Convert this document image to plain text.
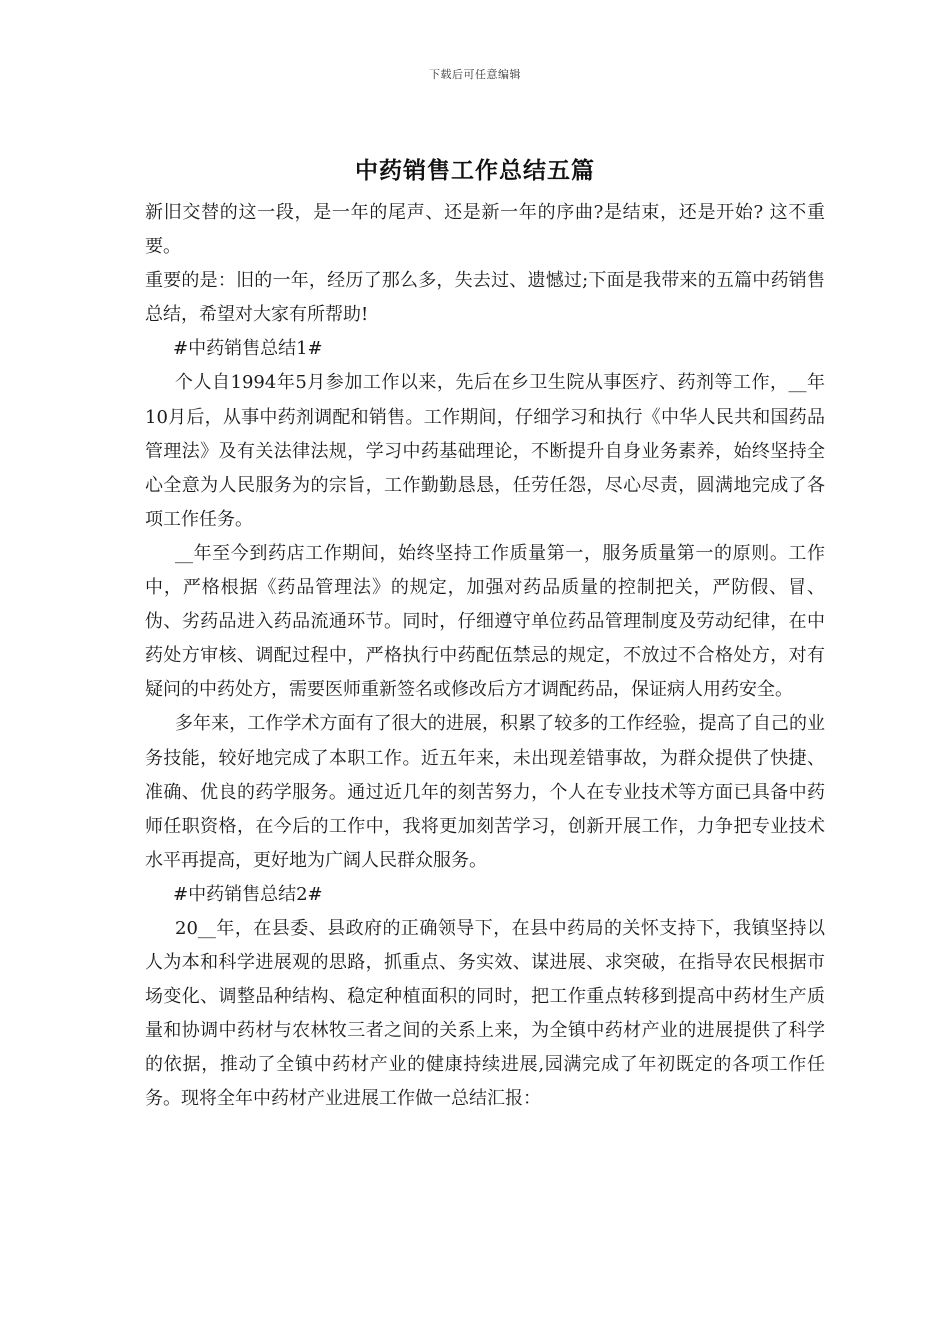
下载后可任意编辑
中药销售工作总结五篇

新旧交替的这一段，是一年的尾声、还是新一年的序曲?是结束，还是开始? 这不重要。

重要的是：旧的一年，经历了那么多，失去过、遗憾过;下面是我带来的五篇中药销售总结，希望对大家有所帮助!

#中药销售总结1#

个人自1994年5月参加工作以来，先后在乡卫生院从事医疗、药剂等工作，__年10月后，从事中药剂调配和销售。工作期间，仔细学习和执行《中华人民共和国药品管理法》及有关法律法规，学习中药基础理论，不断提升自身业务素养，始终坚持全心全意为人民服务为的宗旨，工作勤勤恳恳，任劳任怨，尽心尽责，圆满地完成了各项工作任务。

__年至今到药店工作期间，始终坚持工作质量第一，服务质量第一的原则。工作中，严格根据《药品管理法》的规定，加强对药品质量的控制把关，严防假、冒、伪、劣药品进入药品流通环节。同时，仔细遵守单位药品管理制度及劳动纪律，在中药处方审核、调配过程中，严格执行中药配伍禁忌的规定，不放过不合格处方，对有疑问的中药处方，需要医师重新签名或修改后方才调配药品，保证病人用药安全。

多年来，工作学术方面有了很大的进展，积累了较多的工作经验，提高了自己的业务技能，较好地完成了本职工作。近五年来，未出现差错事故，为群众提供了快捷、准确、优良的药学服务。通过近几年的刻苦努力，个人在专业技术等方面已具备中药师任职资格，在今后的工作中，我将更加刻苦学习，创新开展工作，力争把专业技术水平再提高，更好地为广阔人民群众服务。

#中药销售总结2#

20__年，在县委、县政府的正确领导下，在县中药局的关怀支持下，我镇坚持以人为本和科学进展观的思路，抓重点、务实效、谋进展、求突破，在指导农民根据市场变化、调整品种结构、稳定种植面积的同时，把工作重点转移到提高中药材生产质量和协调中药材与农林牧三者之间的关系上来，为全镇中药材产业的进展提供了科学的依据，推动了全镇中药材产业的健康持续进展,园满完成了年初既定的各项工作任务。现将全年中药材产业进展工作做一总结汇报：
